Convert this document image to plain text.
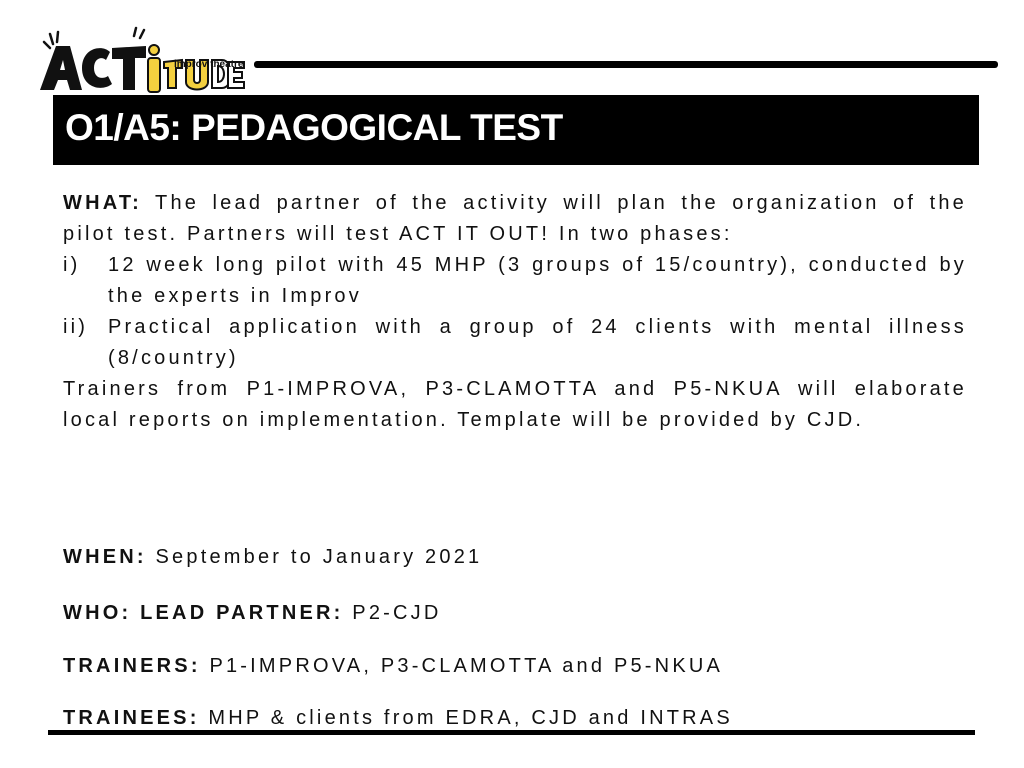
improv theatre
O1/A5: PEDAGOGICAL TEST

WHAT: The lead partner of the activity will plan the organization of the pilot test. Partners will test ACT IT OUT! In two phases:

i)	12 week long pilot with 45 MHP (3 groups of 15/country), conducted by the experts in Improv
ii) Practical application with a group of 24 clients with mental illness (8/country)

Trainers from P1-IMPROVA, P3-CLAMOTTA and P5-NKUA will elaborate local reports on implementation. Template will be provided by CJD.

WHEN: September to January 2021
WHO: LEAD PARTNER: P2-CJD
TRAINERS: P1-IMPROVA, P3-CLAMOTTA and P5-NKUA
TRAINEES: MHP & clients from EDRA, CJD and INTRAS
